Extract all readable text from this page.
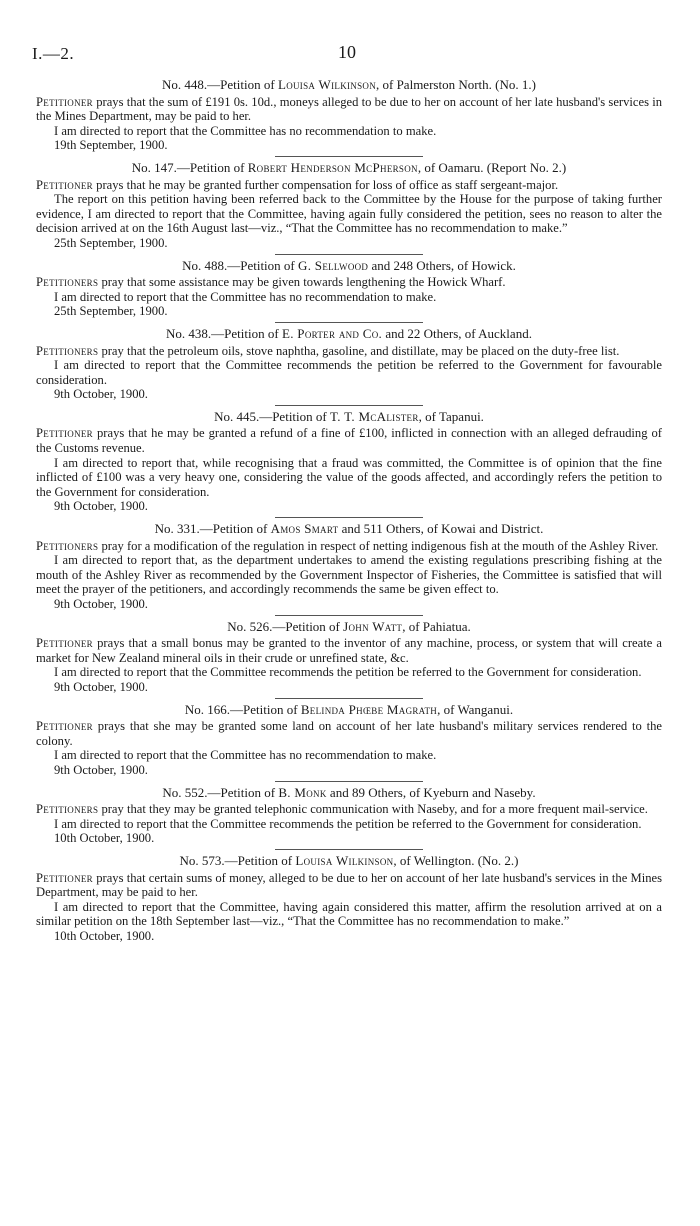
I.—2.	10

No. 448.—Petition of Louisa Wilkinson, of Palmerston North. (No. 1.)

Petitioner prays that the sum of £191 0s. 10d., moneys alleged to be due to her on account of her late husband's services in the Mines Department, may be paid to her.

I am directed to report that the Committee has no recommendation to make.

19th September, 1900.

No. 147.—Petition of Robert Henderson McPherson, of Oamaru. (Report No. 2.)

Petitioner prays that he may be granted further compensation for loss of office as staff sergeant-major.

The report on this petition having been referred back to the Committee by the House for the purpose of taking further evidence, I am directed to report that the Committee, having again fully considered the petition, sees no reason to alter the decision arrived at on the 16th August last—viz., “That the Committee has no recommendation to make.”

25th September, 1900.

No. 488.—Petition of G. Sellwood and 248 Others, of Howick.

Petitioners pray that some assistance may be given towards lengthening the Howick Wharf.

I am directed to report that the Committee has no recommendation to make.

25th September, 1900.

No. 438.—Petition of E. Porter and Co. and 22 Others, of Auckland.

Petitioners pray that the petroleum oils, stove naphtha, gasoline, and distillate, may be placed on the duty-free list.

I am directed to report that the Committee recommends the petition be referred to the Government for favourable consideration.

9th October, 1900.

No. 445.—Petition of T. T. McAlister, of Tapanui.

Petitioner prays that he may be granted a refund of a fine of £100, inflicted in connection with an alleged defrauding of the Customs revenue.

I am directed to report that, while recognising that a fraud was committed, the Committee is of opinion that the fine inflicted of £100 was a very heavy one, considering the value of the goods affected, and accordingly refers the petition to the Government for consideration.

9th October, 1900.

No. 331.—Petition of Amos Smart and 511 Others, of Kowai and District.

Petitioners pray for a modification of the regulation in respect of netting indigenous fish at the mouth of the Ashley River.

I am directed to report that, as the department undertakes to amend the existing regulations prescribing fishing at the mouth of the Ashley River as recommended by the Government Inspector of Fisheries, the Committee is satisfied that will meet the prayer of the petitioners, and accordingly recommends the same be given effect to.

9th October, 1900.

No. 526.—Petition of John Watt, of Pahiatua.

Petitioner prays that a small bonus may be granted to the inventor of any machine, process, or system that will create a market for New Zealand mineral oils in their crude or unrefined state, &c.

I am directed to report that the Committee recommends the petition be referred to the Government for consideration.

9th October, 1900.

No. 166.—Petition of Belinda Phœbe Magrath, of Wanganui.

Petitioner prays that she may be granted some land on account of her late husband's military services rendered to the colony.

I am directed to report that the Committee has no recommendation to make.

9th October, 1900.

No. 552.—Petition of B. Monk and 89 Others, of Kyeburn and Naseby.

Petitioners pray that they may be granted telephonic communication with Naseby, and for a more frequent mail-service.

I am directed to report that the Committee recommends the petition be referred to the Government for consideration.

10th October, 1900.

No. 573.—Petition of Louisa Wilkinson, of Wellington. (No. 2.)

Petitioner prays that certain sums of money, alleged to be due to her on account of her late husband's services in the Mines Department, may be paid to her.

I am directed to report that the Committee, having again considered this matter, affirm the resolution arrived at on a similar petition on the 18th September last—viz., “That the Committee has no recommendation to make.”

10th October, 1900.
